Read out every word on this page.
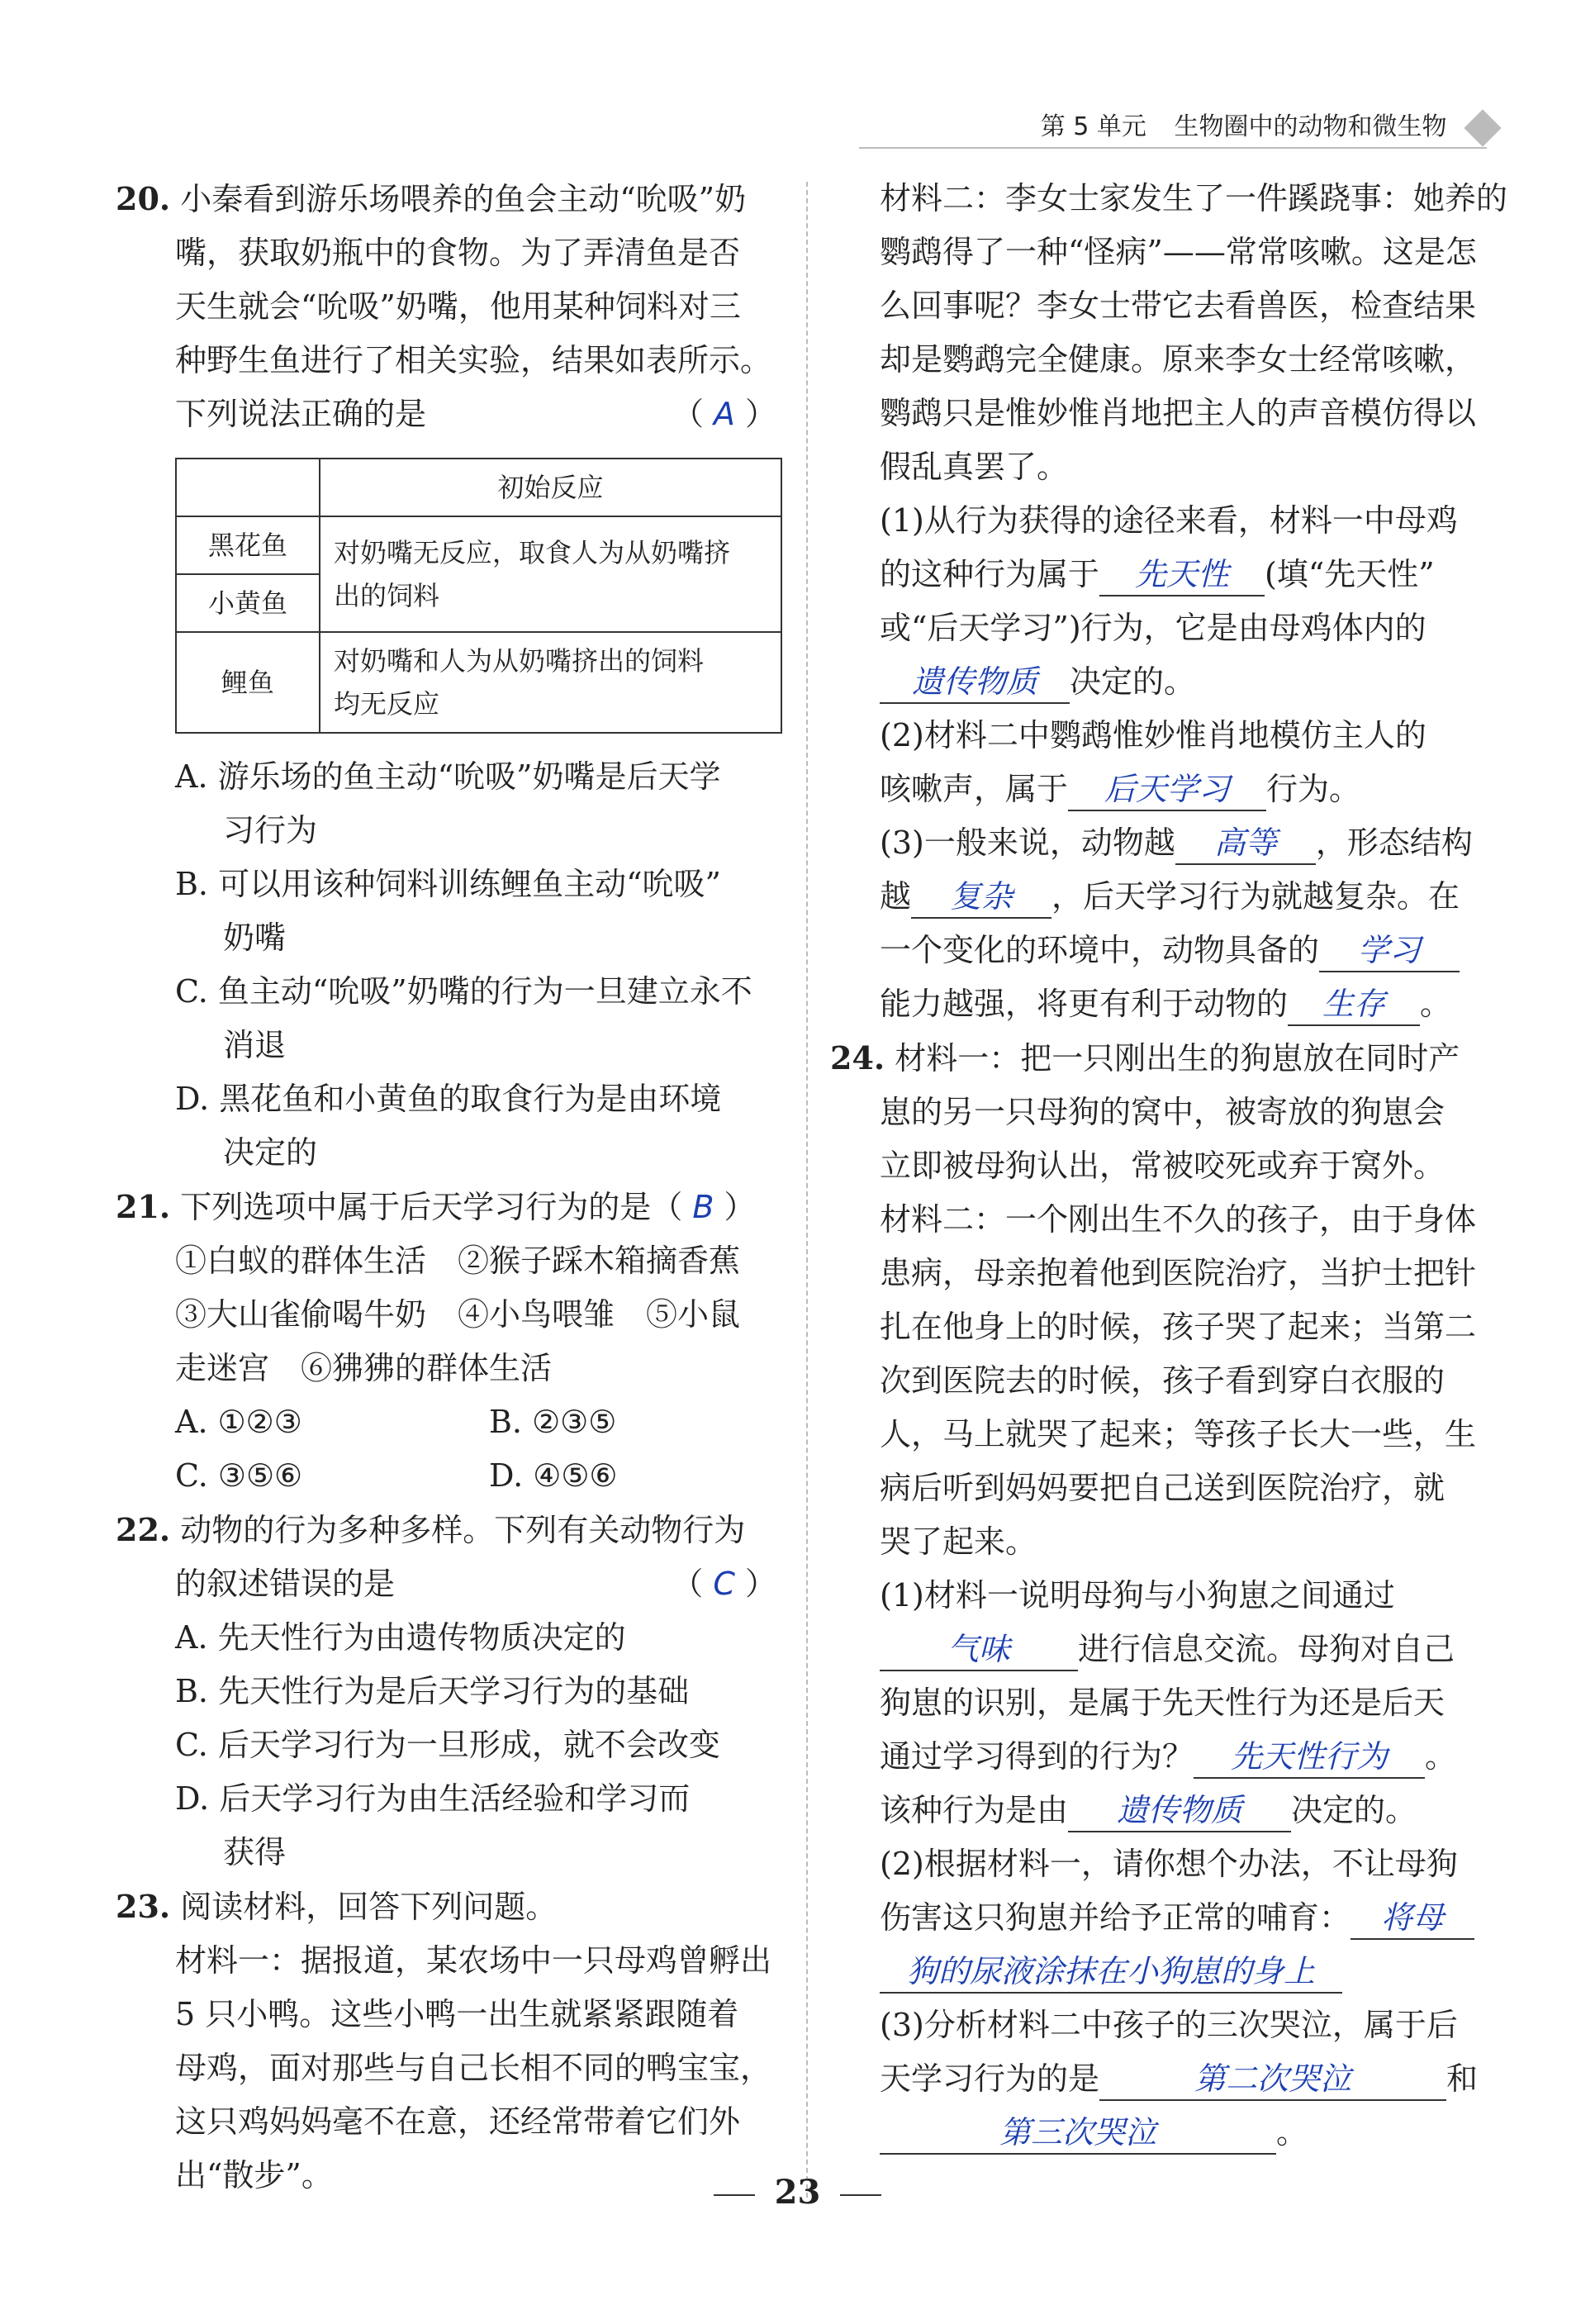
第 5 单元 生物圈中的动物和微生物
20. 小秦看到游乐场喂养的鱼会主动“吮吸”奶
嘴，获取奶瓶中的食物。为了弄清鱼是否
天生就会“吮吸”奶嘴，他用某种饲料对三
种野生鱼进行了相关实验，结果如表所示。
下列说法正确的是	（ A ）
	初始反应
黑花鱼	对奶嘴无反应，取食人为从奶嘴挤
出的饲料

小黄鱼	
鲤鱼	对奶嘴和人为从奶嘴挤出的饲料
均无反应
A. 游乐场的鱼主动“吮吸”奶嘴是后天学
习行为
B. 可以用该种饲料训练鲤鱼主动“吮吸”
奶嘴
C. 鱼主动“吮吸”奶嘴的行为一旦建立永不
消退
D. 黑花鱼和小黄鱼的取食行为是由环境
决定的
21. 下列选项中属于后天学习行为的是（ B ）
①白蚁的群体生活　②猴子踩木箱摘香蕉
③大山雀偷喝牛奶　④小鸟喂雏　⑤小鼠
走迷宫　⑥狒狒的群体生活
A. ①②③	B. ②③⑤
C. ③⑤⑥	D. ④⑤⑥
22. 动物的行为多种多样。下列有关动物行为
的叙述错误的是	（ C ）
A. 先天性行为由遗传物质决定的
B. 先天性行为是后天学习行为的基础
C. 后天学习行为一旦形成，就不会改变
D. 后天学习行为由生活经验和学习而
获得
23. 阅读材料，回答下列问题。
材料一：据报道，某农场中一只母鸡曾孵出
5 只小鸭。这些小鸭一出生就紧紧跟随着
母鸡，面对那些与自己长相不同的鸭宝宝，
这只鸡妈妈毫不在意，还经常带着它们外
出“散步”。
材料二：李女士家发生了一件蹊跷事：她养的
鹦鹉得了一种“怪病”——常常咳嗽。这是怎
么回事呢？李女士带它去看兽医，检查结果
却是鹦鹉完全健康。原来李女士经常咳嗽，
鹦鹉只是惟妙惟肖地把主人的声音模仿得以
假乱真罢了。
(1)从行为获得的途径来看，材料一中母鸡
的这种行为属于 先天性 (填“先天性”
或“后天学习”)行为，它是由母鸡体内的
遗传物质 决定的。
(2)材料二中鹦鹉惟妙惟肖地模仿主人的
咳嗽声，属于 后天学习 行为。
(3)一般来说，动物越 高等 ，形态结构
越 复杂 ，后天学习行为就越复杂。在
一个变化的环境中，动物具备的 学习
能力越强，将更有利于动物的 生存 。
24. 材料一：把一只刚出生的狗崽放在同时产
崽的另一只母狗的窝中，被寄放的狗崽会
立即被母狗认出，常被咬死或弃于窝外。
材料二：一个刚出生不久的孩子，由于身体
患病，母亲抱着他到医院治疗，当护士把针
扎在他身上的时候，孩子哭了起来；当第二
次到医院去的时候，孩子看到穿白衣服的
人，马上就哭了起来；等孩子长大一些，生
病后听到妈妈要把自己送到医院治疗，就
哭了起来。
(1)材料一说明母狗与小狗崽之间通过
气味 进行信息交流。母狗对自己
狗崽的识别，是属于先天性行为还是后天
通过学习得到的行为？ 先天性行为 。
该种行为是由 遗传物质 决定的。
(2)根据材料一，请你想个办法，不让母狗
伤害这只狗崽并给予正常的哺育： 将母
狗的尿液涂抹在小狗崽的身上
(3)分析材料二中孩子的三次哭泣，属于后
天学习行为的是	第二次哭泣	和
第三次哭泣	。
23
